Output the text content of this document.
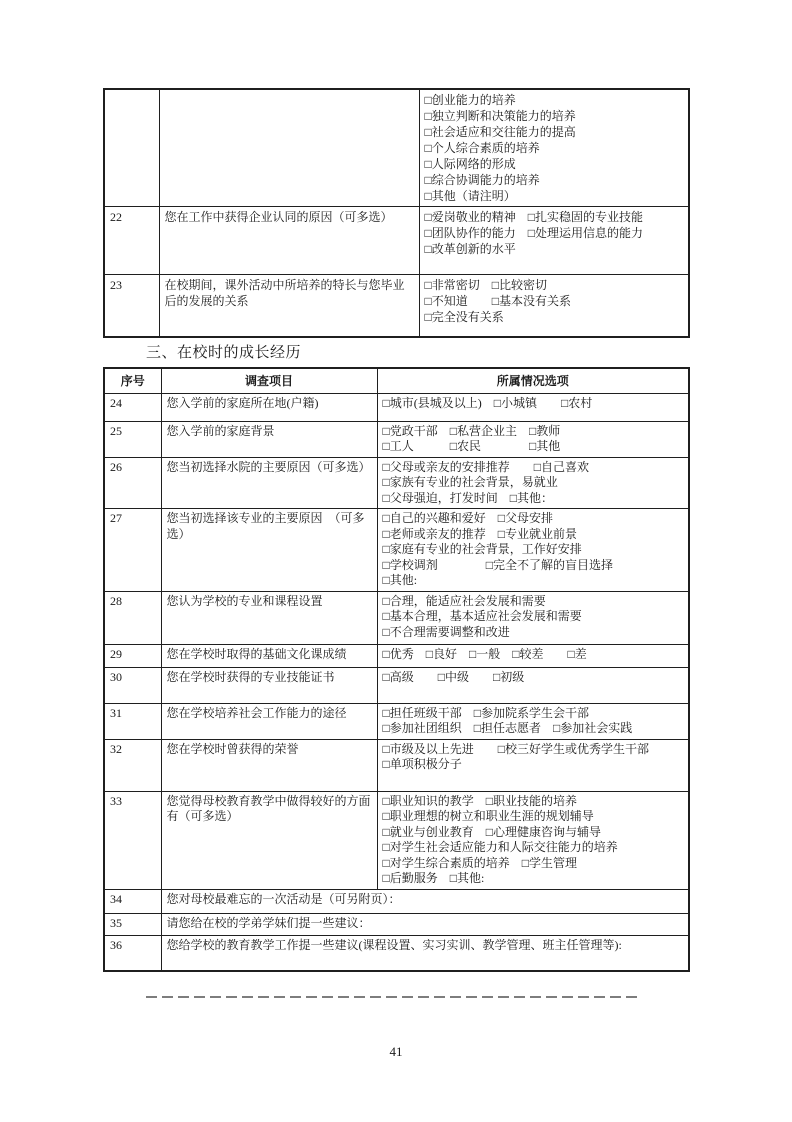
□创业能力的培养
□独立判断和决策能力的培养
□社会适应和交往能力的提高
□个人综合素质的培养
□人际网络的形成
□综合协调能力的培养
□其他（请注明）

22	您在工作中获得企业认同的原因（可多选）	□爱岗敬业的精神　□扎实稳固的专业技能
□团队协作的能力　□处理运用信息的能力
□改革创新的水平

23	在校期间，课外活动中所培养的特长与您毕业后的发展的关系	□非常密切　□比较密切
□不知道　　□基本没有关系
□完全没有关系
三、在校时的成长经历
序号	调查项目	所属情况选项
24	您入学前的家庭所在地(户籍)	□城市(县城及以上)　□小城镇　　□农村

25	您入学前的家庭背景	□党政干部　□私营企业主　□教师
□工人　　　□农民　　　　□其他

26	您当初选择水院的主要原因（可多选）	□父母或亲友的安排推荐　　□自己喜欢
□家族有专业的社会背景，易就业
□父母强迫，打发时间　□其他：

27	您当初选择该专业的主要原因　（可多选）	□自己的兴趣和爱好　□父母安排
□老师或亲友的推荐　□专业就业前景
□家庭有专业的社会背景，工作好安排
□学校调剂　　　　□完全不了解的盲目选择
□其他:

28	您认为学校的专业和课程设置	□合理，能适应社会发展和需要
□基本合理，基本适应社会发展和需要
□不合理需要调整和改进

29	您在学校时取得的基础文化课成绩	□优秀　□良好　□一般　□较差　　□差

30	您在学校时获得的专业技能证书	□高级　　□中级　　□初级

31	您在学校培养社会工作能力的途径	□担任班级干部　□参加院系学生会干部
□参加社团组织　□担任志愿者　□参加社会实践

32	您在学校时曾获得的荣誉	□市级及以上先进　　□校三好学生或优秀学生干部
□单项积极分子

33	您觉得母校教育教学中做得较好的方面有（可多选）	
□职业知识的教学　□职业技能的培养
□职业理想的树立和职业生涯的规划辅导
□就业与创业教育　□心理健康咨询与辅导
□对学生社会适应能力和人际交往能力的培养
□对学生综合素质的培养　□学生管理
□后勤服务　□其他:

34	您对母校最难忘的一次活动是（可另附页）：	
35	请您给在校的学弟学妹们提一些建议：	
36	您给学校的教育教学工作提一些建议(课程设置、实习实训、教学管理、班主任管理等):	
41
